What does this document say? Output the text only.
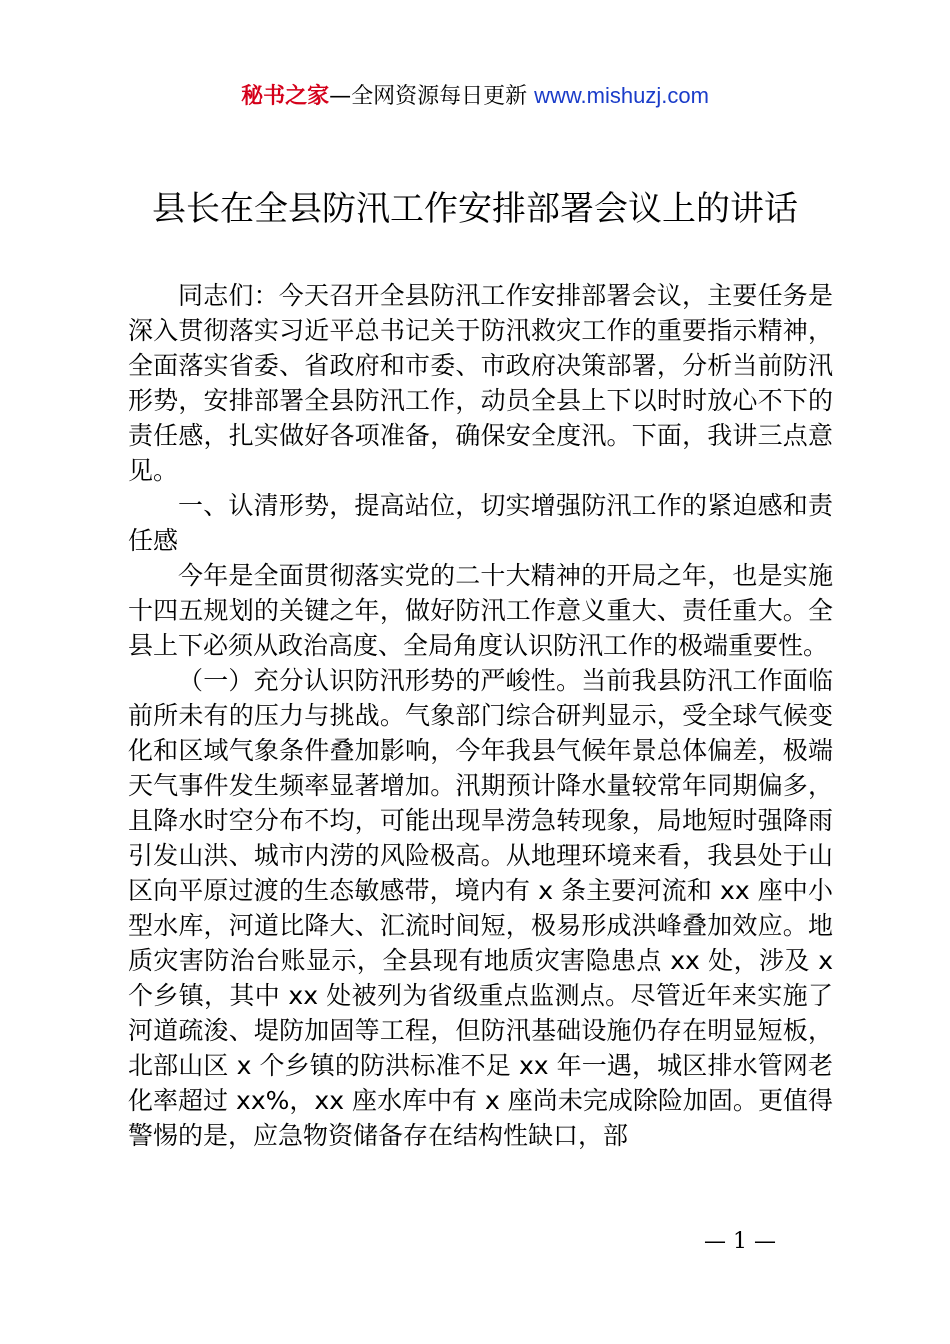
秘书之家—全网资源每日更新 www.mishuzj.com
县长在全县防汛工作安排部署会议上的讲话

同志们：今天召开全县防汛工作安排部署会议，主要任务是深入贯彻落实习近平总书记关于防汛救灾工作的重要指示精神，全面落实省委、省政府和市委、市政府决策部署，分析当前防汛形势，安排部署全县防汛工作，动员全县上下以时时放心不下的责任感，扎实做好各项准备，确保安全度汛。下面，我讲三点意见。

一、认清形势，提高站位，切实增强防汛工作的紧迫感和责任感

今年是全面贯彻落实党的二十大精神的开局之年，也是实施十四五规划的关键之年，做好防汛工作意义重大、责任重大。全县上下必须从政治高度、全局角度认识防汛工作的极端重要性。

（一）充分认识防汛形势的严峻性。当前我县防汛工作面临前所未有的压力与挑战。气象部门综合研判显示，受全球气候变化和区域气象条件叠加影响，今年我县气候年景总体偏差，极端天气事件发生频率显著增加。汛期预计降水量较常年同期偏多，且降水时空分布不均，可能出现旱涝急转现象，局地短时强降雨引发山洪、城市内涝的风险极高。从地理环境来看，我县处于山区向平原过渡的生态敏感带，境内有 x 条主要河流和 xx 座中小型水库，河道比降大、汇流时间短，极易形成洪峰叠加效应。地质灾害防治台账显示，全县现有地质灾害隐患点 xx 处，涉及 x 个乡镇，其中 xx 处被列为省级重点监测点。尽管近年来实施了河道疏浚、堤防加固等工程，但防汛基础设施仍存在明显短板，北部山区 x 个乡镇的防洪标准不足 xx 年一遇，城区排水管网老化率超过 xx%，xx 座水库中有 x 座尚未完成除险加固。更值得警惕的是，应急物资储备存在结构性缺口，部

— 1 —
